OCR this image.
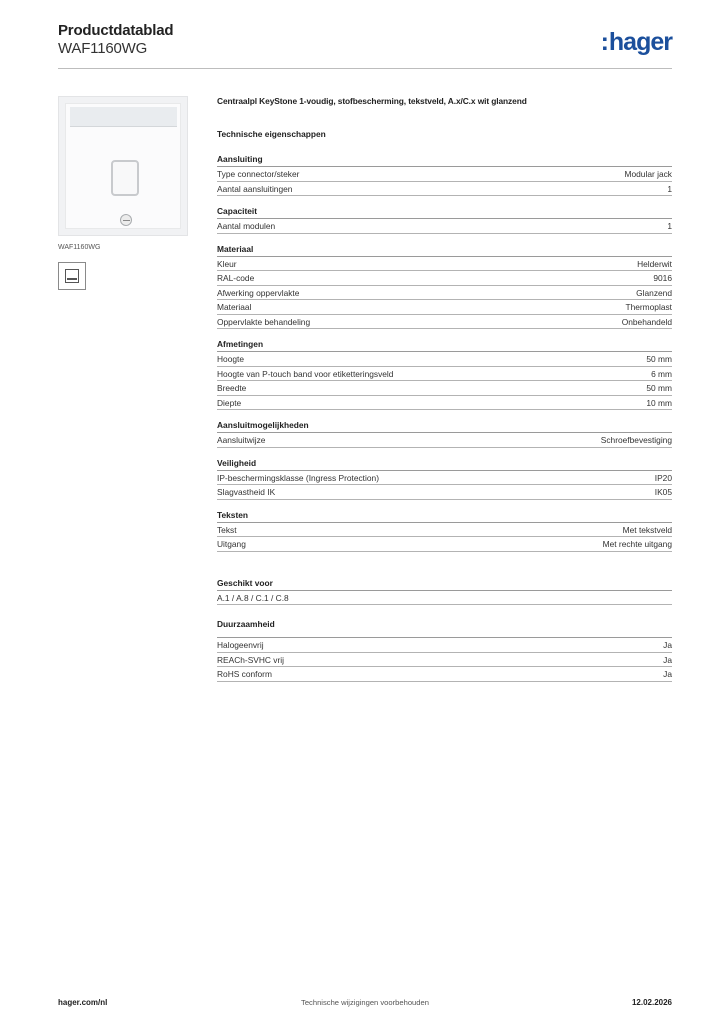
Productdatablad
WAF1160WG	:hager
WAF1160WG
Centraalpl KeyStone 1-voudig, stofbescherming, tekstveld, A.x/C.x wit glanzend
Technische eigenschappen
Aansluiting
Type connector/steker	Modular jack
Aantal aansluitingen	1
Capaciteit
Aantal modulen	1
Materiaal
Kleur	Helderwit
RAL-code	9016
Afwerking oppervlakte	Glanzend
Materiaal	Thermoplast
Oppervlakte behandeling	Onbehandeld
Afmetingen
Hoogte	50 mm
Hoogte van P-touch band voor etiketteringsveld	6 mm
Breedte	50 mm
Diepte	10 mm
Aansluitmogelijkheden
Aansluitwijze	Schroefbevestiging
Veiligheid
IP-beschermingsklasse (Ingress Protection)	IP20
Slagvastheid IK	IK05
Teksten
Tekst	Met tekstveld
Uitgang	Met rechte uitgang
Geschikt voor
A.1 / A.8 / C.1 / C.8
Duurzaamheid
Halogeenvrij	Ja
REACh-SVHC vrij	Ja
RoHS conform	Ja
Technische wijzigingen voorbehouden
hager.com/nl	12.02.2026
